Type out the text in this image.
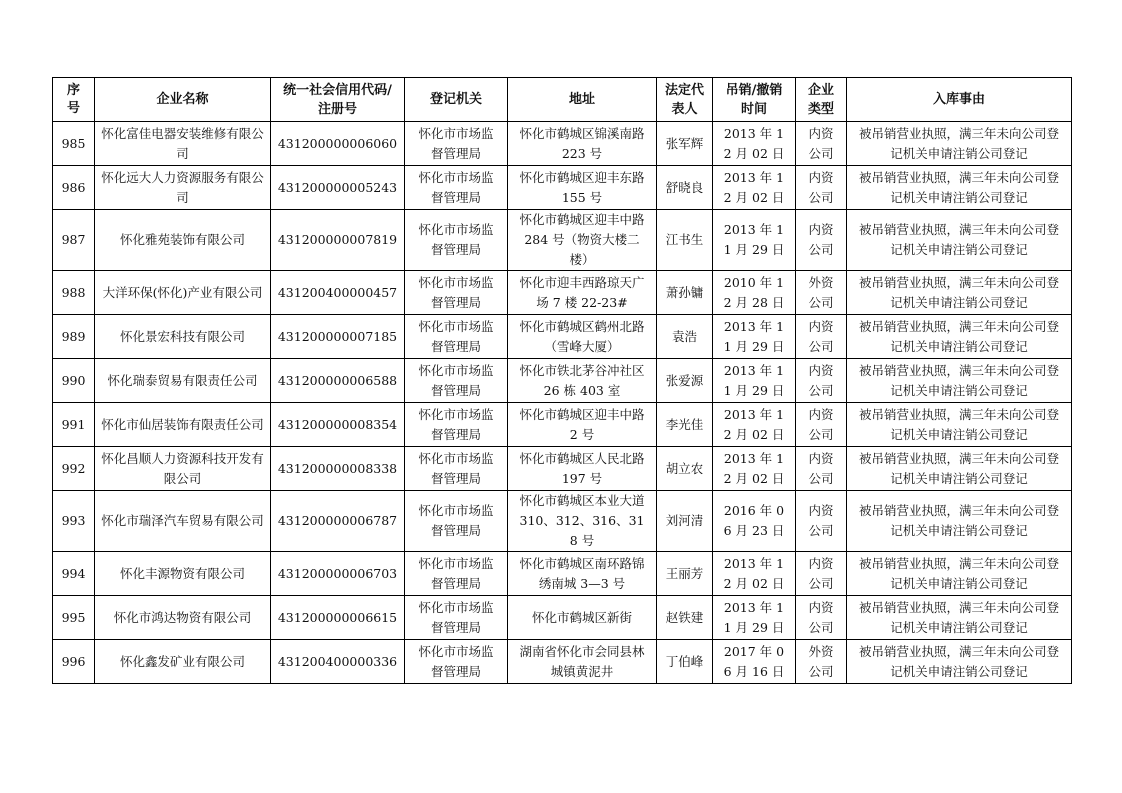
序号	企业名称	统一社会信用代码/注册号	登记机关	地址	法定代表人	吊销/撤销时间	企业类型	入库事由
985	怀化富佳电器安装维修有限公司	431200000006060	怀化市市场监督管理局	怀化市鹤城区锦溪南路 223 号	张军辉	2013 年 12 月 02 日	内资公司	被吊销营业执照，满三年未向公司登记机关申请注销公司登记
986	怀化远大人力资源服务有限公司	431200000005243	怀化市市场监督管理局	怀化市鹤城区迎丰东路 155 号	舒晓良	2013 年 12 月 02 日	内资公司	被吊销营业执照，满三年未向公司登记机关申请注销公司登记
987	怀化雅苑装饰有限公司	431200000007819	怀化市市场监督管理局	怀化市鹤城区迎丰中路 284 号（物资大楼二楼）	江书生	2013 年 11 月 29 日	内资公司	被吊销营业执照，满三年未向公司登记机关申请注销公司登记
988	大洋环保(怀化)产业有限公司	431200400000457	怀化市市场监督管理局	怀化市迎丰西路琼天广场 7 楼 22-23#	萧孙镛	2010 年 12 月 28 日	外资公司	被吊销营业执照，满三年未向公司登记机关申请注销公司登记
989	怀化景宏科技有限公司	431200000007185	怀化市市场监督管理局	怀化市鹤城区鹤州北路（雪峰大厦）	袁浩	2013 年 11 月 29 日	内资公司	被吊销营业执照，满三年未向公司登记机关申请注销公司登记
990	怀化瑞泰贸易有限责任公司	431200000006588	怀化市市场监督管理局	怀化市铁北茅谷冲社区 26 栋 403 室	张爱源	2013 年 11 月 29 日	内资公司	被吊销营业执照，满三年未向公司登记机关申请注销公司登记
991	怀化市仙居装饰有限责任公司	431200000008354	怀化市市场监督管理局	怀化市鹤城区迎丰中路 2 号	李光佳	2013 年 12 月 02 日	内资公司	被吊销营业执照，满三年未向公司登记机关申请注销公司登记
992	怀化昌顺人力资源科技开发有限公司	431200000008338	怀化市市场监督管理局	怀化市鹤城区人民北路 197 号	胡立农	2013 年 12 月 02 日	内资公司	被吊销营业执照，满三年未向公司登记机关申请注销公司登记
993	怀化市瑞泽汽车贸易有限公司	431200000006787	怀化市市场监督管理局	怀化市鹤城区本业大道 310、312、316、318 号	刘河清	2016 年 06 月 23 日	内资公司	被吊销营业执照，满三年未向公司登记机关申请注销公司登记
994	怀化丰源物资有限公司	431200000006703	怀化市市场监督管理局	怀化市鹤城区南环路锦绣南城 3—3 号	王丽芳	2013 年 12 月 02 日	内资公司	被吊销营业执照，满三年未向公司登记机关申请注销公司登记
995	怀化市鸿达物资有限公司	431200000006615	怀化市市场监督管理局	怀化市鹤城区新街	赵铁建	2013 年 11 月 29 日	内资公司	被吊销营业执照，满三年未向公司登记机关申请注销公司登记
996	怀化鑫发矿业有限公司	431200400000336	怀化市市场监督管理局	湖南省怀化市会同县林城镇黄泥井	丁伯峰	2017 年 06 月 16 日	外资公司	被吊销营业执照，满三年未向公司登记机关申请注销公司登记
